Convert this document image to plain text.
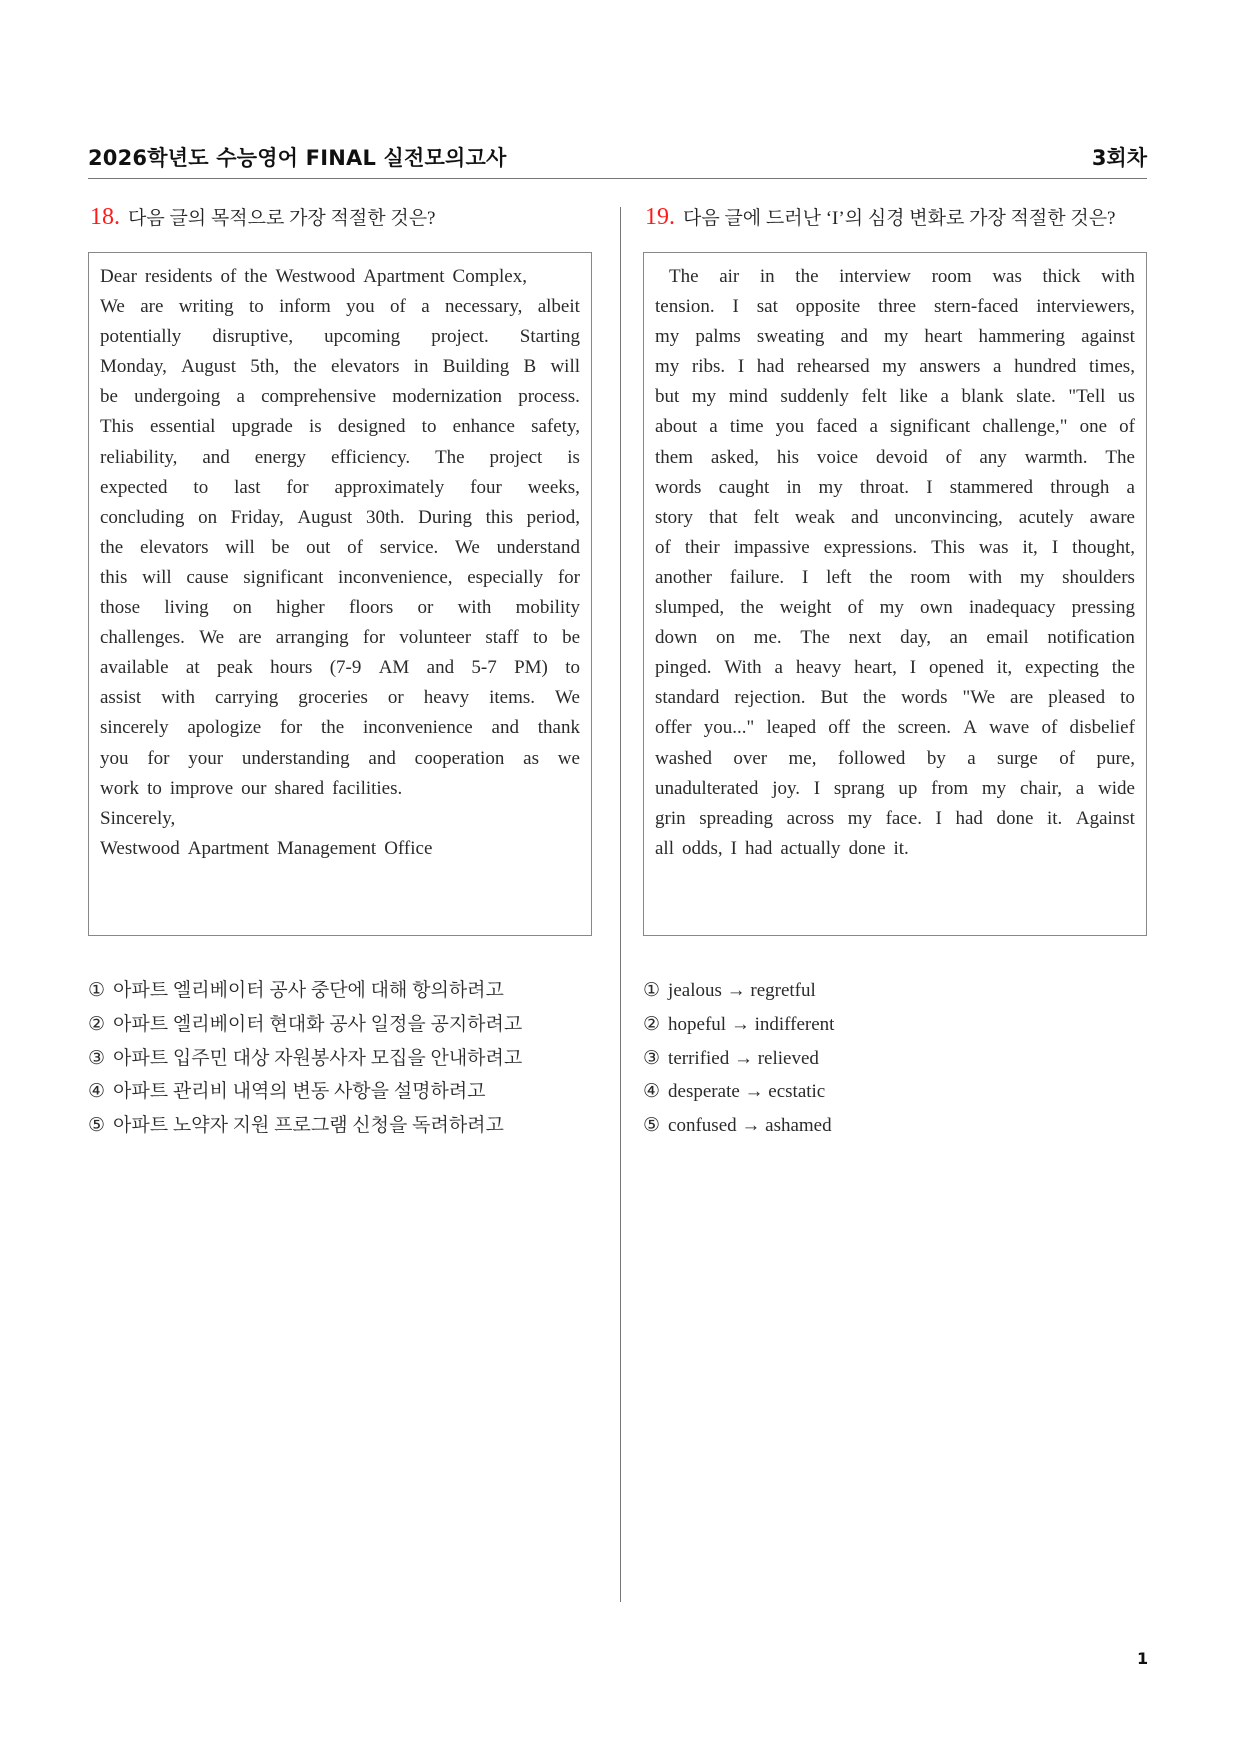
2026학년도 수능영어 FINAL 실전모의고사	3회차
18. 다음 글의 목적으로 가장 적절한 것은?
Dear residents of the Westwood Apartment Complex,
We are writing to inform you of a necessary, albeit
potentially disruptive, upcoming project. Starting
Monday, August 5th, the elevators in Building B will
be undergoing a comprehensive modernization process.
This essential upgrade is designed to enhance safety,
reliability, and energy efficiency. The project is
expected to last for approximately four weeks,
concluding on Friday, August 30th. During this period,
the elevators will be out of service. We understand
this will cause significant inconvenience, especially for
those living on higher floors or with mobility
challenges. We are arranging for volunteer staff to be
available at peak hours (7-9 AM and 5-7 PM) to
assist with carrying groceries or heavy items. We
sincerely apologize for the inconvenience and thank
you for your understanding and cooperation as we
work to improve our shared facilities.
Sincerely,
Westwood Apartment Management Office
① 아파트 엘리베이터 공사 중단에 대해 항의하려고
② 아파트 엘리베이터 현대화 공사 일정을 공지하려고
③ 아파트 입주민 대상 자원봉사자 모집을 안내하려고
④ 아파트 관리비 내역의 변동 사항을 설명하려고
⑤ 아파트 노약자 지원 프로그램 신청을 독려하려고
19. 다음 글에 드러난 ‘I’의 심경 변화로 가장 적절한 것은?
The air in the interview room was thick with
tension. I sat opposite three stern-faced interviewers,
my palms sweating and my heart hammering against
my ribs. I had rehearsed my answers a hundred times,
but my mind suddenly felt like a blank slate. "Tell us
about a time you faced a significant challenge," one of
them asked, his voice devoid of any warmth. The
words caught in my throat. I stammered through a
story that felt weak and unconvincing, acutely aware
of their impassive expressions. This was it, I thought,
another failure. I left the room with my shoulders
slumped, the weight of my own inadequacy pressing
down on me. The next day, an email notification
pinged. With a heavy heart, I opened it, expecting the
standard rejection. But the words "We are pleased to
offer you..." leaped off the screen. A wave of disbelief
washed over me, followed by a surge of pure,
unadulterated joy. I sprang up from my chair, a wide
grin spreading across my face. I had done it. Against
all odds, I had actually done it.
① jealous → regretful
② hopeful → indifferent
③ terrified → relieved
④ desperate → ecstatic
⑤ confused → ashamed
1
